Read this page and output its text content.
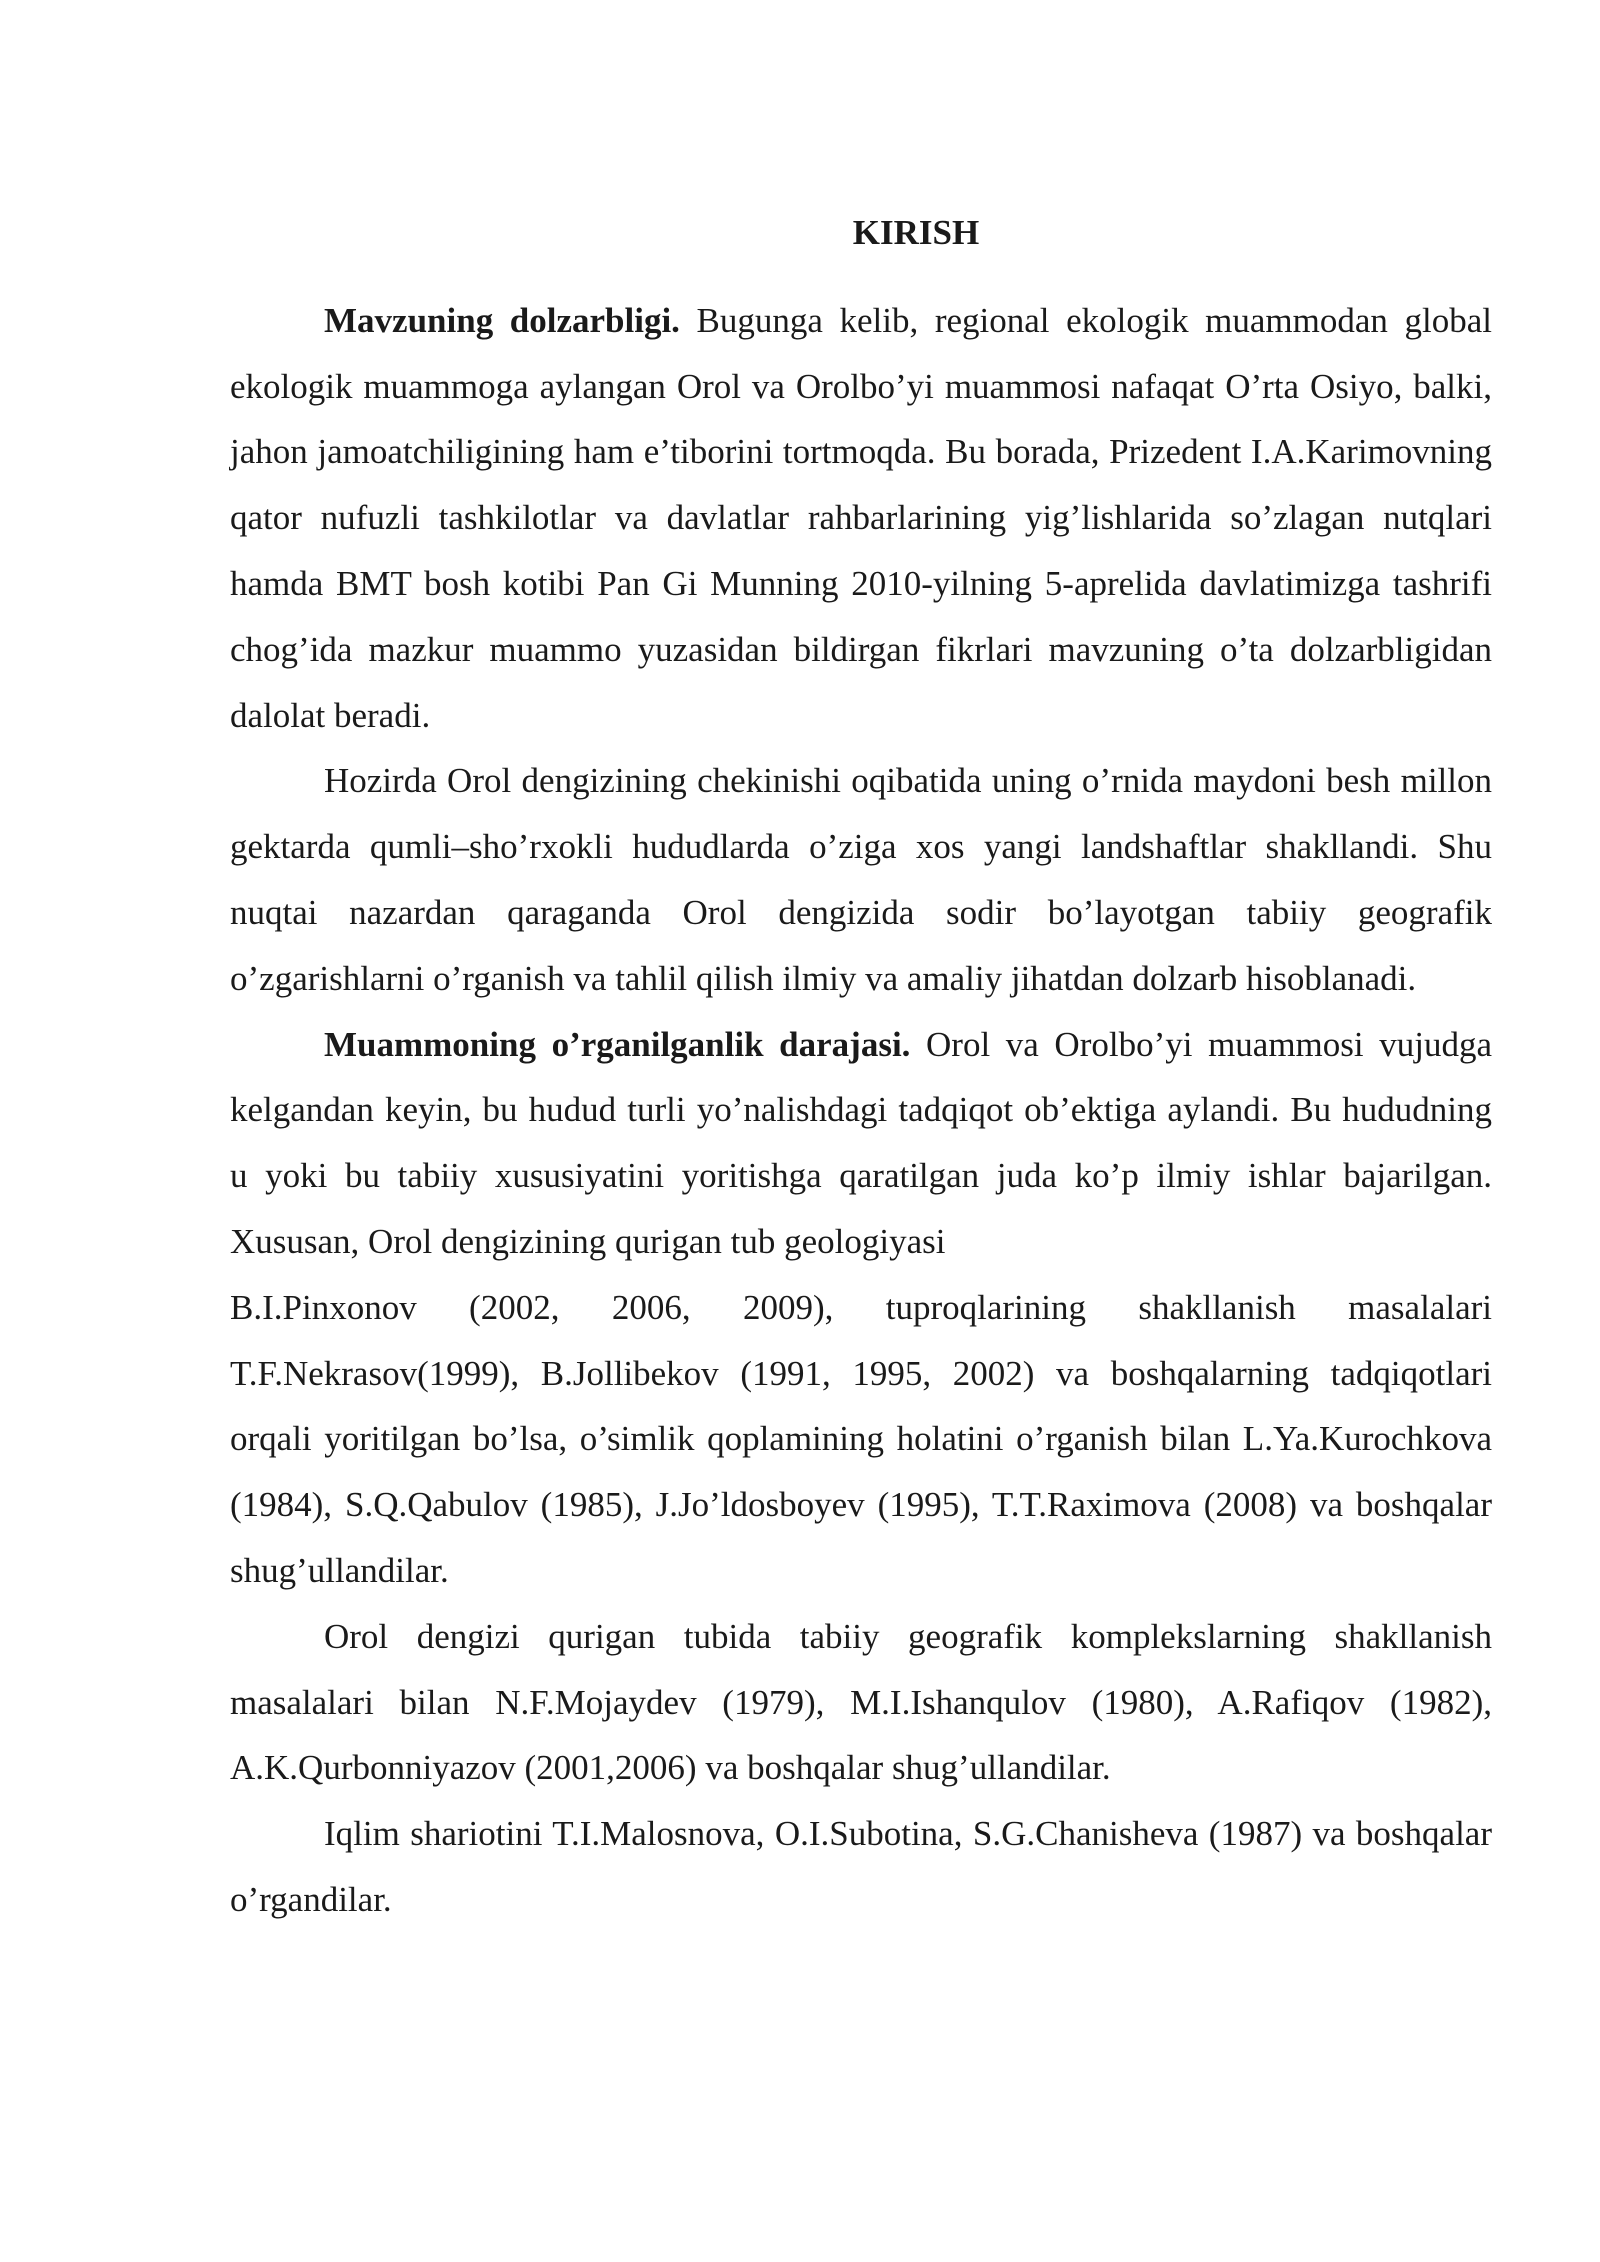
KIRISH

Mavzuning dolzarbligi. Bugunga kelib, regional ekologik muammodan global ekologik muammoga aylangan Orol va Orolbo’yi muammosi nafaqat O’rta Osiyo, balki, jahon jamoatchiligining ham e’tiborini tortmoqda. Bu borada, Prizedent I.A.Karimovning qator nufuzli tashkilotlar va davlatlar rahbarlarining yig’lishlarida so’zlagan nutqlari hamda BMT bosh kotibi Pan Gi Munning 2010-yilning 5-aprelida davlatimizga tashrifi chog’ida mazkur muammo yuzasidan bildirgan fikrlari mavzuning o’ta dolzarbligidan dalolat beradi.

Hozirda Orol dengizining chekinishi oqibatida uning o’rnida maydoni besh millon gektarda qumli–sho’rxokli hududlarda o’ziga xos yangi landshaftlar shakllandi. Shu nuqtai nazardan qaraganda Orol dengizida sodir bo’layotgan tabiiy geografik o’zgarishlarni o’rganish va tahlil qilish ilmiy va amaliy jihatdan dolzarb hisoblanadi.

Muammoning o’rganilganlik darajasi. Orol va Orolbo’yi muammosi vujudga kelgandan keyin, bu hudud turli yo’nalishdagi tadqiqot ob’ektiga aylandi. Bu hududning u yoki bu tabiiy xususiyatini yoritishga qaratilgan juda ko’p ilmiy ishlar bajarilgan. Xususan, Orol dengizining qurigan tub geologiyasi

B.I.Pinxonov (2002, 2006, 2009), tuproqlarining shakllanish masalalari T.F.Nekrasov(1999), B.Jollibekov (1991, 1995, 2002) va boshqalarning tadqiqotlari orqali yoritilgan bo’lsa, o’simlik qoplamining holatini o’rganish bilan L.Ya.Kurochkova (1984), S.Q.Qabulov (1985), J.Jo’ldosboyev (1995), T.T.Raximova (2008) va boshqalar shug’ullandilar.

Orol dengizi qurigan tubida tabiiy geografik komplekslarning shakllanish masalalari bilan N.F.Mojaydev (1979), M.I.Ishanqulov (1980), A.Rafiqov (1982), A.K.Qurbonniyazov (2001,2006) va boshqalar shug’ullandilar.

Iqlim shariotini T.I.Malosnova, O.I.Subotina, S.G.Chanisheva (1987) va boshqalar o’rgandilar.
